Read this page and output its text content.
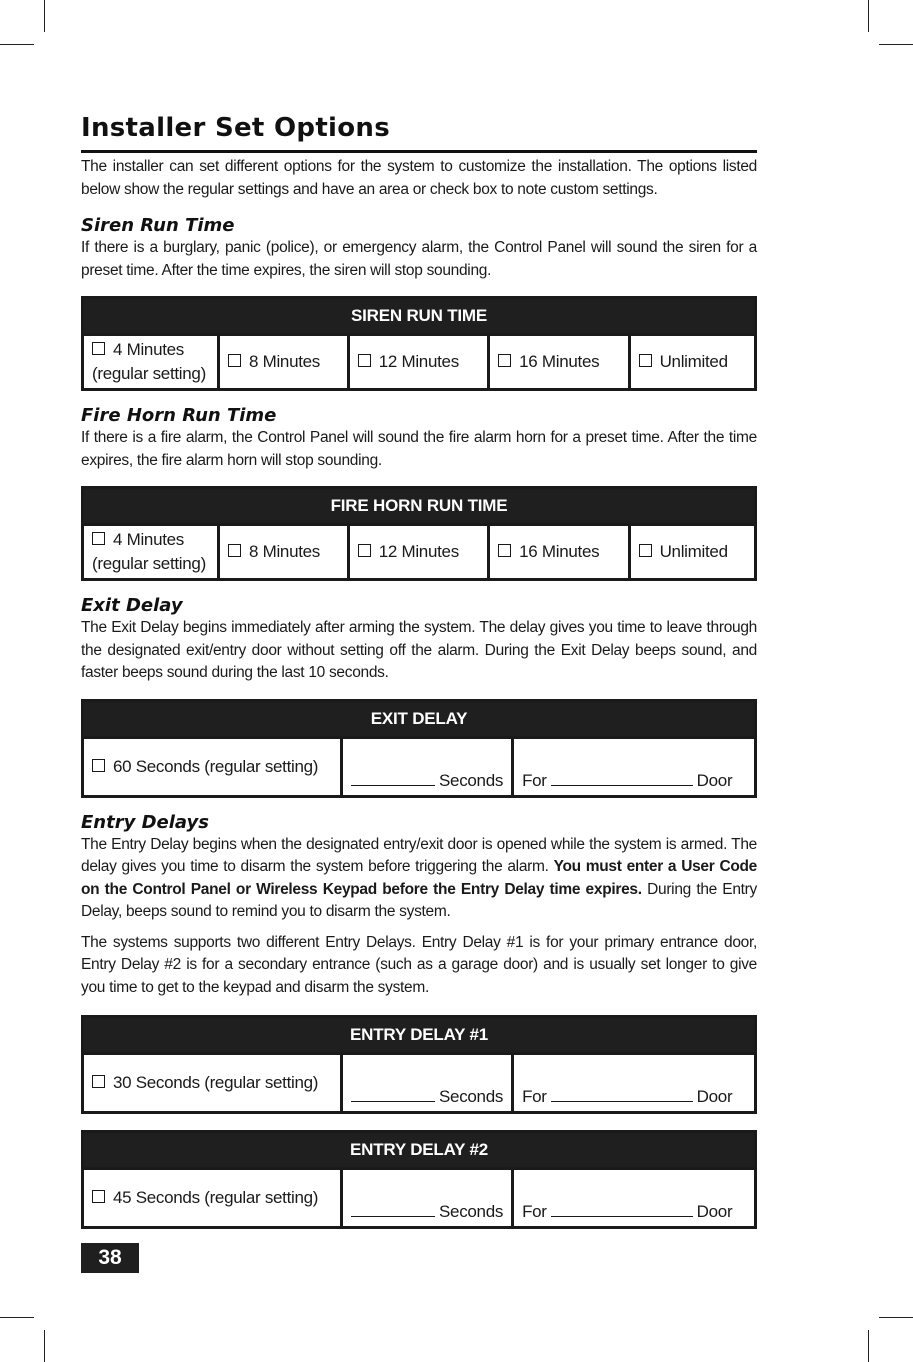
Installer Set Options

The installer can set different options for the system to customize the installation. The options listed below show the regular settings and have an area or check box to note custom settings.

Siren Run Time

If there is a burglary, panic (police), or emergency alarm, the Control Panel will sound the siren for a preset time. After the time expires, the siren will stop sounding.

SIREN RUN TIME
4 Minutes
(regular setting)	8 Minutes	12 Minutes	16 Minutes	Unlimited
Fire Horn Run Time

If there is a fire alarm, the Control Panel will sound the fire alarm horn for a preset time. After the time expires, the fire alarm horn will stop sounding.

FIRE HORN RUN TIME
4 Minutes
(regular setting)	8 Minutes	12 Minutes	16 Minutes	Unlimited
Exit Delay

The Exit Delay begins immediately after arming the system. The delay gives you time to leave through the designated exit/entry door without setting off the alarm. During the Exit Delay beeps sound, and faster beeps sound during the last 10 seconds.

EXIT DELAY
60 Seconds (regular setting)	Seconds	For	Door
Entry Delays

The Entry Delay begins when the designated entry/exit door is opened while the system is armed. The delay gives you time to disarm the system before triggering the alarm. You must enter a User Code on the Control Panel or Wireless Keypad before the Entry Delay time expires. During the Entry Delay, beeps sound to remind you to disarm the system.

The systems supports two different Entry Delays. Entry Delay #1 is for your primary entrance door, Entry Delay #2 is for a secondary entrance (such as a garage door) and is usually set longer to give you time to get to the keypad and disarm the system.

ENTRY DELAY #1
30 Seconds (regular setting)	Seconds	For	Door
ENTRY DELAY #2
45 Seconds (regular setting)	Seconds	For	Door
38
